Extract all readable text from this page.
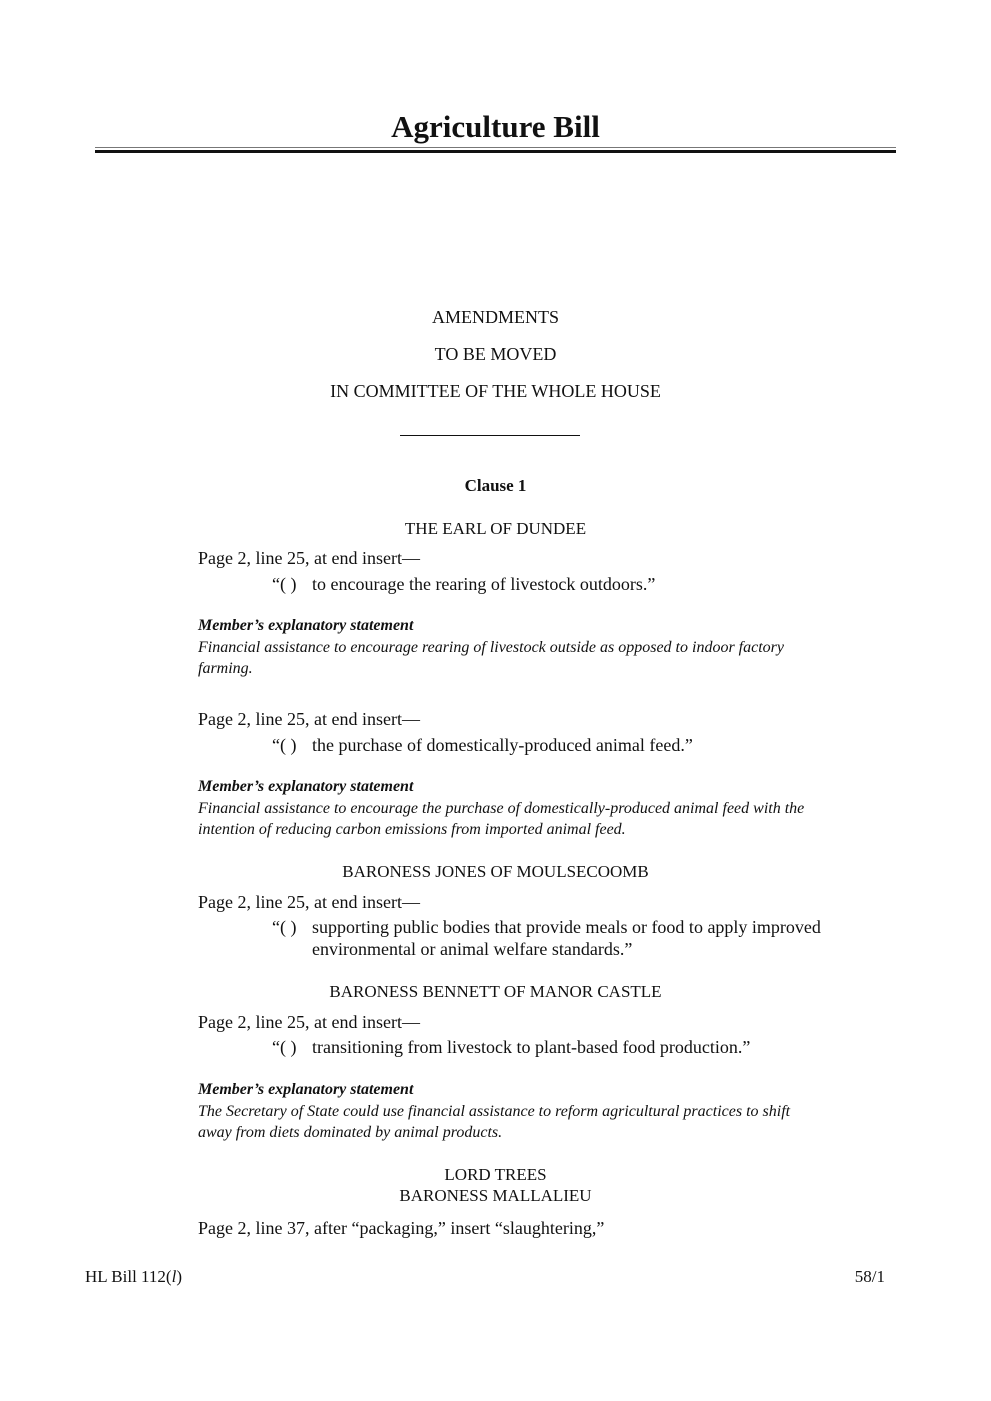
Agriculture Bill
AMENDMENTS
TO BE MOVED
IN COMMITTEE OF THE WHOLE HOUSE
Clause 1
THE EARL OF DUNDEE
Page 2, line 25, at end insert—
“( ) to encourage the rearing of livestock outdoors.”
Member’s explanatory statement
Financial assistance to encourage rearing of livestock outside as opposed to indoor factory
farming.
Page 2, line 25, at end insert—
“( ) the purchase of domestically-produced animal feed.”
Member’s explanatory statement
Financial assistance to encourage the purchase of domestically-produced animal feed with the
intention of reducing carbon emissions from imported animal feed.
BARONESS JONES OF MOULSECOOMB
Page 2, line 25, at end insert—
“( ) supporting public bodies that provide meals or food to apply improved
environmental or animal welfare standards.”
BARONESS BENNETT OF MANOR CASTLE
Page 2, line 25, at end insert—
“( ) transitioning from livestock to plant-based food production.”
Member’s explanatory statement
The Secretary of State could use financial assistance to reform agricultural practices to shift
away from diets dominated by animal products.
LORD TREES
BARONESS MALLALIEU
Page 2, line 37, after “packaging,” insert “slaughtering,”
HL Bill 112(l)	58/1
